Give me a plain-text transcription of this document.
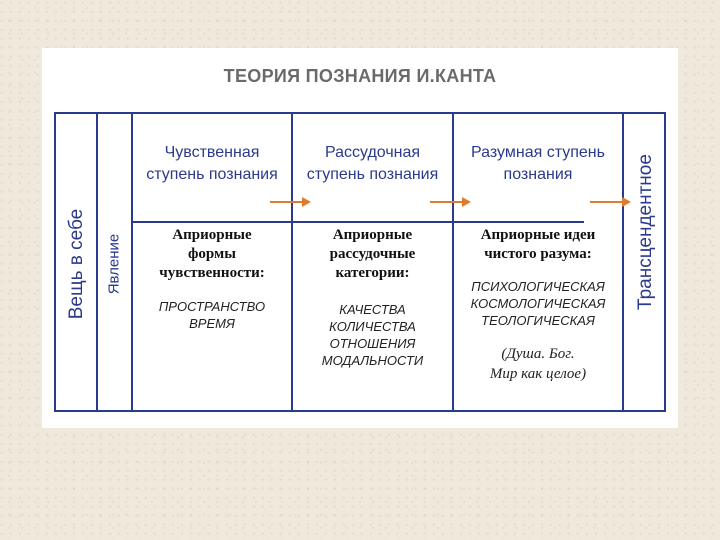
ТЕОРИЯ ПОЗНАНИЯ И.КАНТА
Вещь в себе Явление	Трансцендентное
Чувственная
ступень познания
Априорные
формы
чувственности:
ПРОСТРАНСТВО
ВРЕМЯ
Рассудочная
ступень познания
Априорные
рассудочные
категории:
КАЧЕСТВА
КОЛИЧЕСТВА
ОТНОШЕНИЯ
МОДАЛЬНОСТИ
Разумная ступень
познания
Априорные идеи
чистого разума:
ПСИХОЛОГИЧЕСКАЯ
КОСМОЛОГИЧЕСКАЯ
ТЕОЛОГИЧЕСКАЯ
(Душа. Бог.
Мир как целое)
